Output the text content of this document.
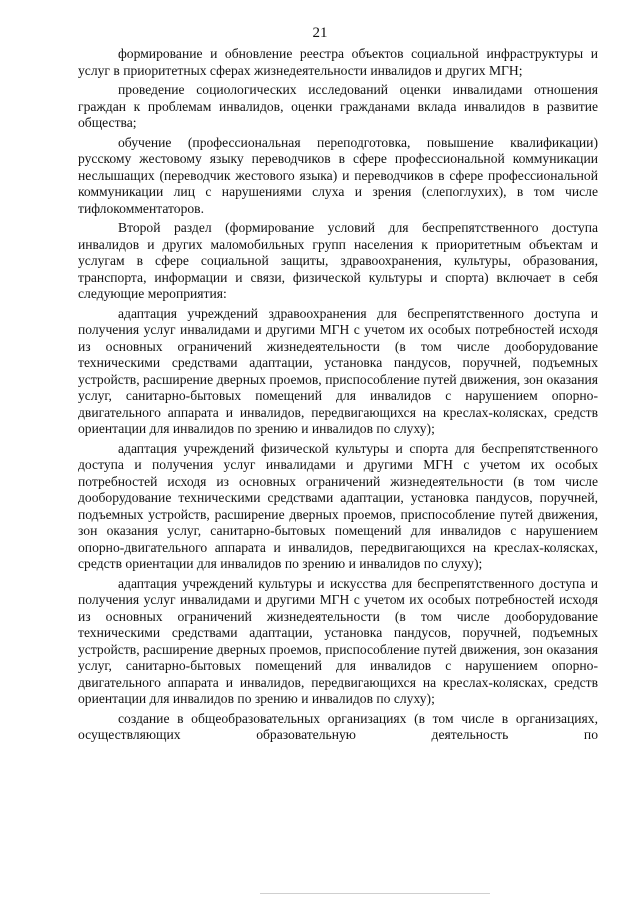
21

формирование и обновление реестра объектов социальной инфраструктуры и услуг в приоритетных сферах жизнедеятельности инвалидов и других МГН;

проведение социологических исследований оценки инвалидами отношения граждан к проблемам инвалидов, оценки гражданами вклада инвалидов в развитие общества;

обучение (профессиональная переподготовка, повышение квалификации) русскому жестовому языку переводчиков в сфере профессиональной коммуникации неслышащих (переводчик жестового языка) и переводчиков в сфере профессиональной коммуникации лиц с нарушениями слуха и зрения (слепоглухих), в том числе тифлокомментаторов.

Второй раздел (формирование условий для беспрепятственного доступа инвалидов и других маломобильных групп населения к приоритетным объектам и услугам в сфере социальной защиты, здравоохранения, культуры, образования, транспорта, информации и связи, физической культуры и спорта) включает в себя следующие мероприятия:

адаптация учреждений здравоохранения для беспрепятственного доступа и получения услуг инвалидами и другими МГН с учетом их особых потребностей исходя из основных ограничений жизнедеятельности (в том числе дооборудование техническими средствами адаптации, установка пандусов, поручней, подъемных устройств, расширение дверных проемов, приспособление путей движения, зон оказания услуг, санитарно-бытовых помещений для инвалидов с нарушением опорно-двигательного аппарата и инвалидов, передвигающихся на креслах-колясках, средств ориентации для инвалидов по зрению и инвалидов по слуху);

адаптация учреждений физической культуры и спорта для беспрепятственного доступа и получения услуг инвалидами и другими МГН с учетом их особых потребностей исходя из основных ограничений жизнедеятельности (в том числе дооборудование техническими средствами адаптации, установка пандусов, поручней, подъемных устройств, расширение дверных проемов, приспособление путей движения, зон оказания услуг, санитарно-бытовых помещений для инвалидов с нарушением опорно-двигательного аппарата и инвалидов, передвигающихся на креслах-колясках, средств ориентации для инвалидов по зрению и инвалидов по слуху);

адаптация учреждений культуры и искусства для беспрепятственного доступа и получения услуг инвалидами и другими МГН с учетом их особых потребностей исходя из основных ограничений жизнедеятельности (в том числе дооборудование техническими средствами адаптации, установка пандусов, поручней, подъемных устройств, расширение дверных проемов, приспособление путей движения, зон оказания услуг, санитарно-бытовых помещений для инвалидов с нарушением опорно-двигательного аппарата и инвалидов, передвигающихся на креслах-колясках, средств ориентации для инвалидов по зрению и инвалидов по слуху);

создание в общеобразовательных организациях (в том числе в организациях, осуществляющих образовательную деятельность по
